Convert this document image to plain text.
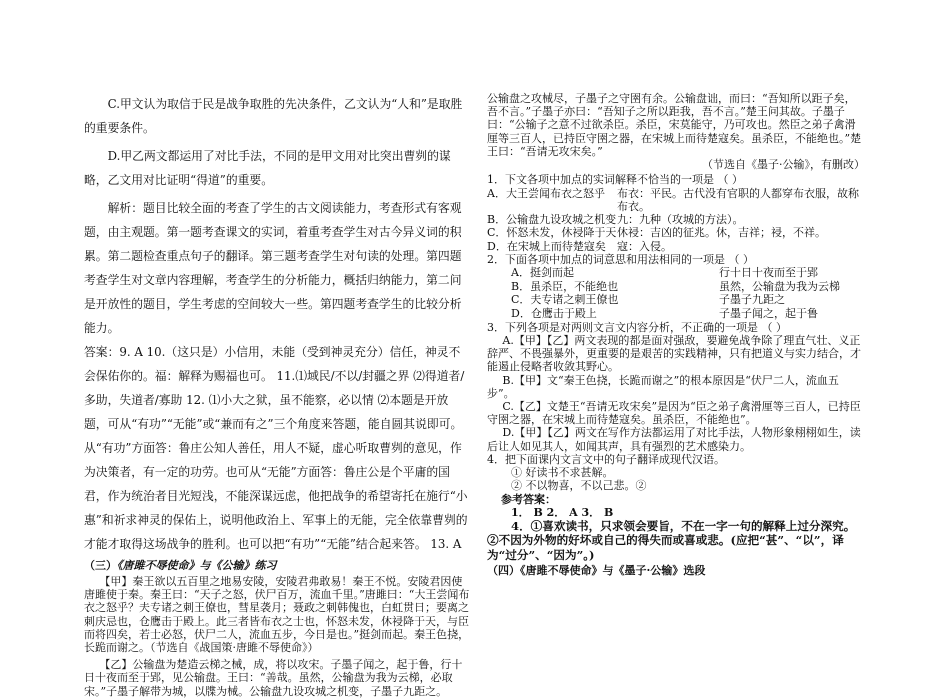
C.甲文认为取信于民是战争取胜的先决条件，乙文认为“人和”是取胜的重要条件。

D.甲乙两文都运用了对比手法，不同的是甲文用对比突出曹刿的谋略，乙文用对比证明“得道”的重要。

解析：题目比较全面的考查了学生的古文阅读能力，考查形式有客观题，由主观题。第一题考查课文的实词，着重考查学生对古今异义词的积累。第二题检查重点句子的翻译。第三题考查学生对句读的处理。第四题考查学生对文章内容理解，考查学生的分析能力，概括归纳能力，第二问是开放性的题目，学生考虑的空间较大一些。第四题考查学生的比较分析能力。

答案：9. A 10.（这只是）小信用，未能（受到神灵充分）信任，神灵不会保佑你的。福：解释为赐福也可。 11.⑴域民/不以/封疆之界 ⑵得道者/多助，失道者/寡助 12. ⑴小大之狱，虽不能察，必以情 ⑵本题是开放题，可从“有功”“无能”或“兼而有之”三个角度来答题，能自圆其说即可。从“有功”方面答：鲁庄公知人善任，用人不疑，虚心听取曹刿的意见，作为决策者，有一定的功劳。也可从“无能”方面答：鲁庄公是个平庸的国君，作为统治者目光短浅，不能深谋远虑，他把战争的希望寄托在施行“小惠”和祈求神灵的保佑上，说明他政治上、军事上的无能，完全依靠曹刿的才能才取得这场战争的胜利。也可以把“有功”“无能”结合起来答。 13. A

（三）《唐雎不辱使命》与《公输》练习

【甲】秦王欲以五百里之地易安陵，安陵君弗敢易！秦王不悦。安陵君因使唐雎使于秦。秦王曰：“天子之怒，伏尸百万，流血千里。”唐雎曰：“大王尝闻布衣之怒乎？夫专诸之刺王僚也，彗星袭月；聂政之刺韩傀也，白虹贯日；要离之刺庆忌也，仓鹰击于殿上。此三者皆布衣之士也，怀怒未发，休祲降于天，与臣而将四矣，若士必怒，伏尸二人，流血五步，今日是也。”挺剑而起。秦王色挠，长跪而谢之。（节选自《战国策·唐雎不辱使命》）

【乙】公输盘为楚造云梯之械，成，将以攻宋。子墨子闻之，起于鲁，行十日十夜而至于郢，见公输盘。王曰：“善哉。虽然，公输盘为我为云梯，必取宋。”子墨子解带为城，以牒为械。公输盘九设攻城之机变，子墨子九距之。

公输盘之攻械尽，子墨子之守圉有余。公输盘诎，而曰：“吾知所以距子矣，吾不言。”子墨子亦曰：“吾知子之所以距我，吾不言。”楚王问其故。子墨子曰：“公输子之意不过欲杀臣。杀臣，宋莫能守，乃可攻也。然臣之弟子禽滑厘等三百人，已持臣守圉之器，在宋城上而待楚寇矣。虽杀臣，不能绝也。”楚王曰：“吾请无攻宋矣。”

（节选自《墨子·公输》，有删改）

1．下文各项中加点的实词解释不恰当的一项是 （ ）

A．大王尝闻布衣之怒乎	布衣：平民。古代没有官职的人都穿布衣服，故称布衣。
B．公输盘九设攻城之机变 九：九种（攻城的方法）。
C．怀怒未发，休祲降于天 休祲：吉凶的征兆。休，吉祥；祲，不祥。
D．在宋城上而待楚寇矣	寇：入侵。

2．下面各项中加点的词意思和用法相同的一项是 （ ）

A．挺剑而起	行十日十夜而至于郢
B．虽杀臣，不能绝也	虽然，公输盘为我为云梯
C．夫专诸之刺王僚也	子墨子九距之
D．仓鹰击于殿上	子墨子闻之，起于鲁

3．下列各项是对两则文言文内容分析，不正确的一项是 （ ）

A.【甲】【乙】两文表现的都是面对强敌，要避免战争除了理直气壮、义正辞严、不畏强暴外，更重要的是艰苦的实践精神，只有把道义与实力结合，才能遏止侵略者收敛其野心。

B.【甲】文“秦王色挠，长跪而谢之”的根本原因是“伏尸二人，流血五步”。

C.【乙】文楚王“吾请无攻宋矣”是因为“臣之弟子禽滑厘等三百人，已持臣守圉之器，在宋城上而待楚寇矣。虽杀臣，不能绝也”。

D.【甲】【乙】两文在写作方法都运用了对比手法，人物形象栩栩如生，读后让人如见其人，如闻其声，具有强烈的艺术感染力。

4．把下面课内文言文中的句子翻译成现代汉语。

① 好读书不求甚解。

② 不以物喜，不以己悲。②

参考答案：

1． B 2． A 3． B

4．①喜欢读书，只求领会要旨，不在一字一句的解释上过分深究。②不因为外物的好坏或自己的得失而或喜或悲。(应把“甚”、“以”，译为“过分”、“因为”。)

（四）《唐雎不辱使命》与《墨子·公输》选段
